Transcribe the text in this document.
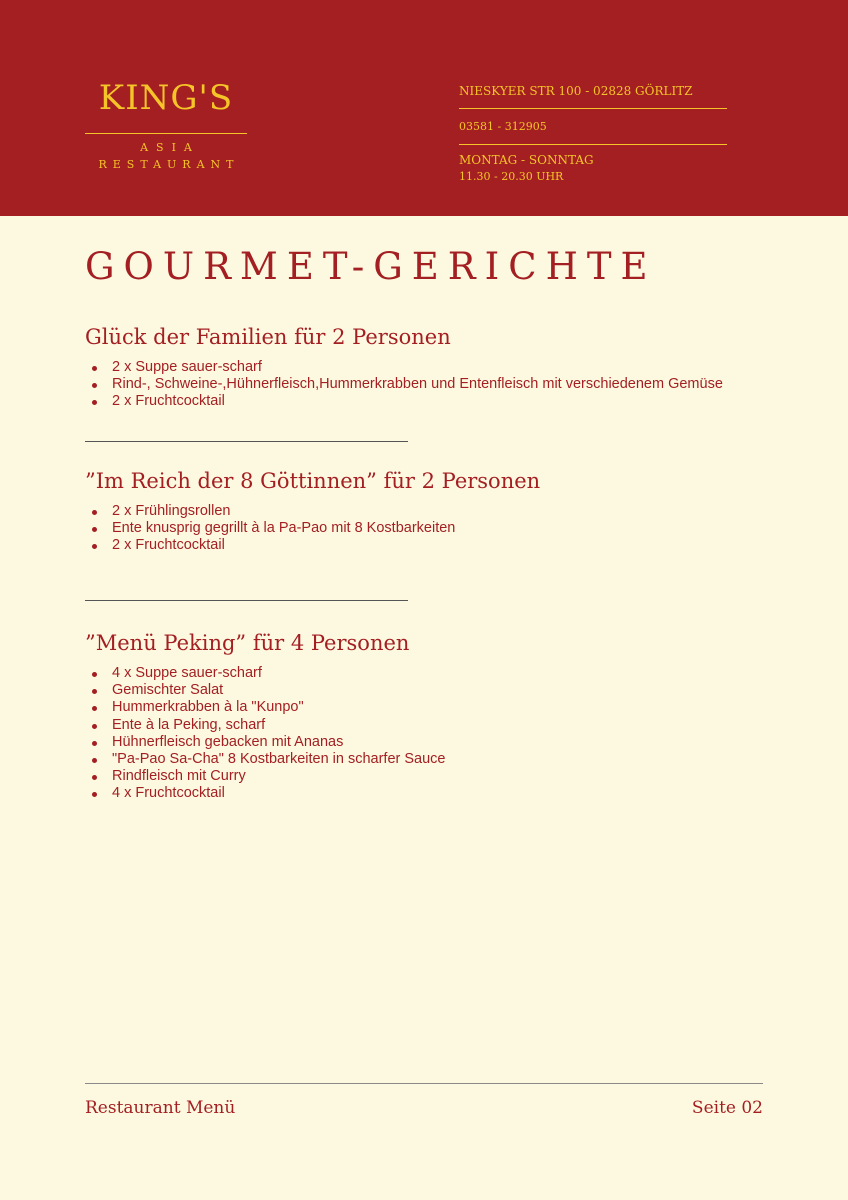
KING'S
ASIA
RESTAURANT
NIESKYER STR 100 - 02828 GÖRLITZ
03581 - 312905
MONTAG - SONNTAG
11.30 - 20.30 UHR
GOURMET-GERICHTE
Glück der Familien für 2 Personen
2 x Suppe sauer-scharf
Rind-, Schweine-,Hühnerfleisch,Hummerkrabben und Entenfleisch mit verschiedenem Gemüse
2 x Fruchtcocktail
”Im Reich der 8 Göttinnen” für 2 Personen
2 x Frühlingsrollen
Ente knusprig gegrillt à la Pa-Pao mit 8 Kostbarkeiten
2 x Fruchtcocktail
”Menü Peking” für 4 Personen
4 x Suppe sauer-scharf
Gemischter Salat
Hummerkrabben à la "Kunpo"
Ente à la Peking, scharf
Hühnerfleisch gebacken mit Ananas
"Pa-Pao Sa-Cha" 8 Kostbarkeiten in scharfer Sauce
Rindfleisch mit Curry
4 x Fruchtcocktail
Restaurant Menü	Seite 02
